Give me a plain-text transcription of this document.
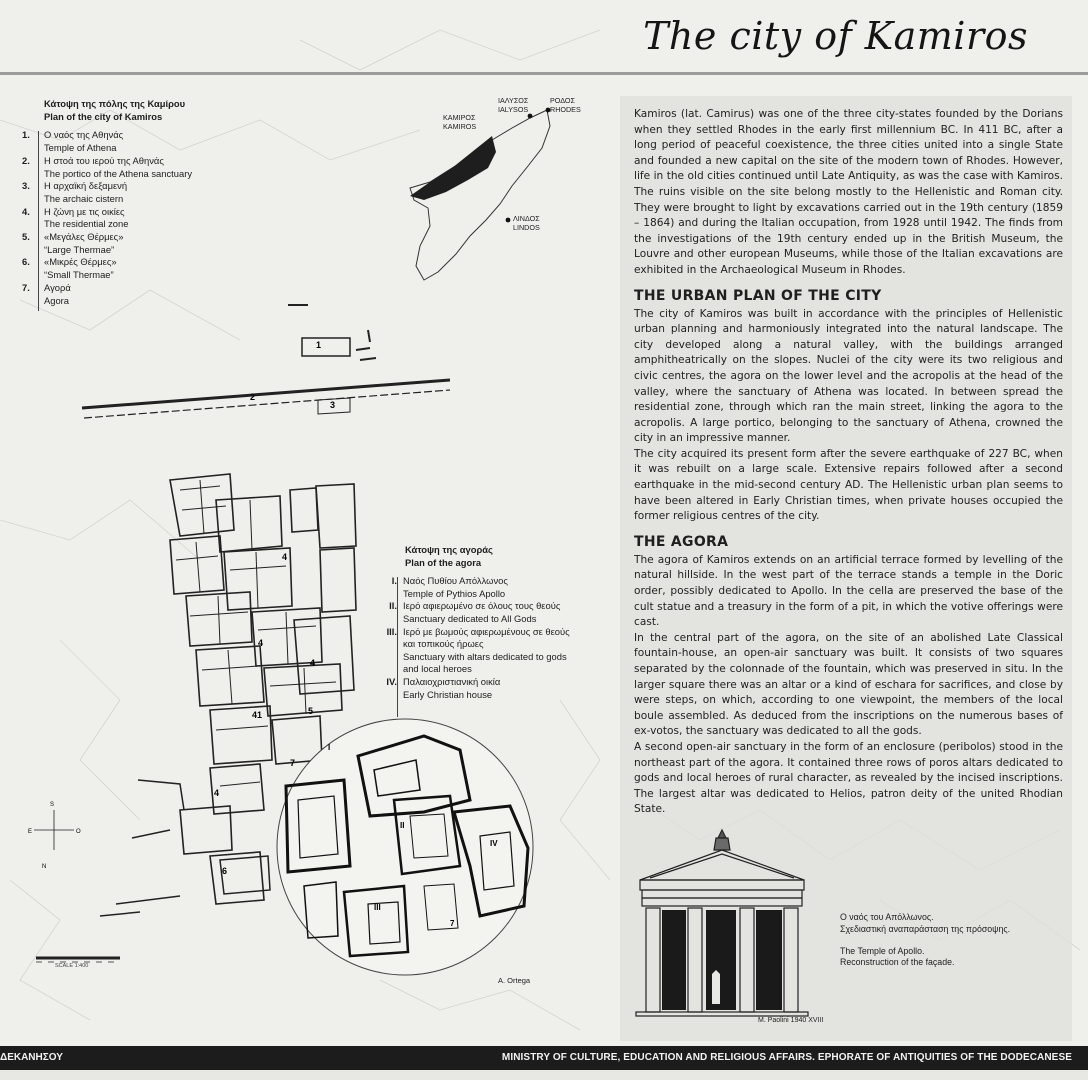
The city of Kamiros
Κάτοψη της πόλης της Καμίρου
Plan of the city of Kamiros
1.	Ο ναός της Αθηνάς
Temple of Athena
2.	Η στοά του ιερού της Αθηνάς
The portico of the Athena sanctuary
3.	Η αρχαϊκή δεξαμενή
The archaic cistern
4.	Η ζώνη με τις οικίες
The residential zone
5.	«Μεγάλες Θέρμες»
“Large Thermae”
6.	«Μικρές Θέρμες»
“Small Thermae”
7.	Αγορά
Agora
ΚΑΜΙΡΟΣ
KAMIROS
ΙΑΛΥΣΟΣ
IALYSOS
ΡΟΔΟΣ
RHODES
ΛΙΝΔΟΣ
LINDOS
1
2
3
4
4
4
41	5
4
6
7
S
O
N
E
SCALE 1:400
A. Ortega
I
II
III
IV
7
Κάτοψη της αγοράς
Plan of the agora
I. Ναός Πυθίου Απόλλωνος
Temple of Pythios Apollo
II. Ιερό αφιερωμένο σε όλους τους θεούς
Sanctuary dedicated to All Gods
III. Ιερό με βωμούς αφιερωμένους σε θεούς
και τοπικούς ήρωες
Sanctuary with altars dedicated to gods
and local heroes
IV. Παλαιοχριστιανική οικία
Early Christian house

Kamiros (lat. Camirus) was one of the three city-states founded by the Dorians when they settled Rhodes in the early first millennium BC. In 411 BC, after a long period of peaceful coexistence, the three cities united into a single State and founded a new capital on the site of the modern town of Rhodes. However, life in the old cities continued until Late Antiquity, as was the case with Kamiros. The ruins visible on the site belong mostly to the Hellenistic and Roman city. They were brought to light by excavations carried out in the 19th century (1859 – 1864) and during the Italian occupation, from 1928 until 1942. The finds from the investigations of the 19th century ended up in the British Museum, the Louvre and other european Museums, while those of the Italian excavations are exhibited in the Archaeological Museum in Rhodes.

THE URBAN PLAN OF THE CITY

The city of Kamiros was built in accordance with the principles of Hellenistic urban planning and harmoniously integrated into the natural landscape. The city developed along a natural valley, with the buildings arranged amphitheatrically on the slopes. Nuclei of the city were its two religious and civic centres, the agora on the lower level and the acropolis at the head of the valley, where the sanctuary of Athena was located. In between spread the residential zone, through which ran the main street, linking the agora to the acropolis. A large portico, belonging to the sanctuary of Athena, crowned the city in an impressive manner.

The city acquired its present form after the severe earthquake of 227 BC, when it was rebuilt on a large scale. Extensive repairs followed after a second earthquake in the mid-second century AD. The Hellenistic urban plan seems to have been altered in Early Christian times, when private houses occupied the former religious centres of the city.

THE AGORA

The agora of Kamiros extends on an artificial terrace formed by levelling of the natural hillside. In the west part of the terrace stands a temple in the Doric order, possibly dedicated to Apollo. In the cella are preserved the base of the cult statue and a treasury in the form of a pit, in which the votive offerings were cast.

In the central part of the agora, on the site of an abolished Late Classical fountain-house, an open-air sanctuary was built. It consists of two squares separated by the colonnade of the fountain, which was preserved in situ. In the larger square there was an altar or a kind of eschara for sacrifices, and close by were steps, on which, according to one viewpoint, the members of the local boule assembled. As deduced from the inscriptions on the numerous bases of ex-votos, the sanctuary was dedicated to all the gods.

A second open-air sanctuary in the form of an enclosure (peribolos) stood in the northeast part of the agora. It contained three rows of poros altars dedicated to gods and local heroes of rural character, as revealed by the incised inscriptions. The largest altar was dedicated to Helios, patron deity of the united Rhodian State.

Ο ναός του Απόλλωνος.
Σχεδιαστική αναπαράσταση της πρόσοψης.
The Temple of Apollo.
Reconstruction of the façade.
M. Paolini 1940 XVIII
ΔΕΚΑΝΗΣΟΥ	MINISTRY OF CULTURE, EDUCATION AND RELIGIOUS AFFAIRS. EPHORATE OF ANTIQUITIES OF THE DODECANESE
